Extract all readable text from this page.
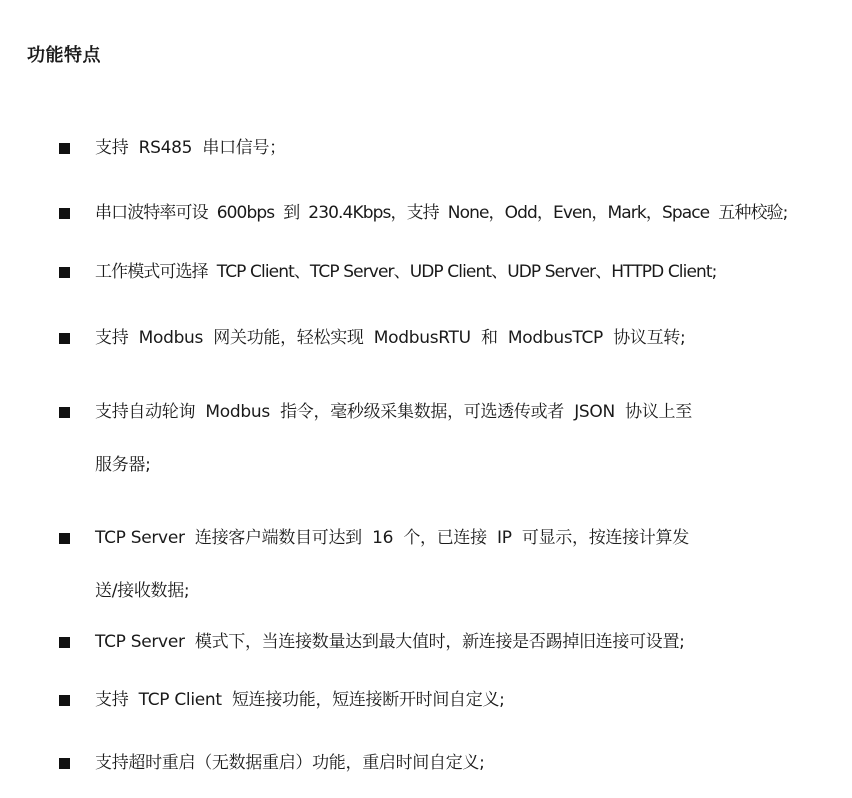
功能特点
支持  RS485  串口信号；
串口波特率可设  600bps  到  230.4Kbps，支持  None，Odd，Even，Mark，Space  五种校验;
工作模式可选择  TCP Client、TCP Server、UDP Client、UDP Server、HTTPD Client;
支持  Modbus  网关功能，轻松实现  ModbusRTU  和  ModbusTCP  协议互转;
支持自动轮询  Modbus  指令，毫秒级采集数据，可选透传或者  JSON  协议上至
服务器;
TCP Server  连接客户端数目可达到  16  个，已连接  IP  可显示，按连接计算发
送/接收数据;
TCP Server  模式下，当连接数量达到最大值时，新连接是否踢掉旧连接可设置;
支持  TCP Client  短连接功能，短连接断开时间自定义;
支持超时重启（无数据重启）功能，重启时间自定义;
